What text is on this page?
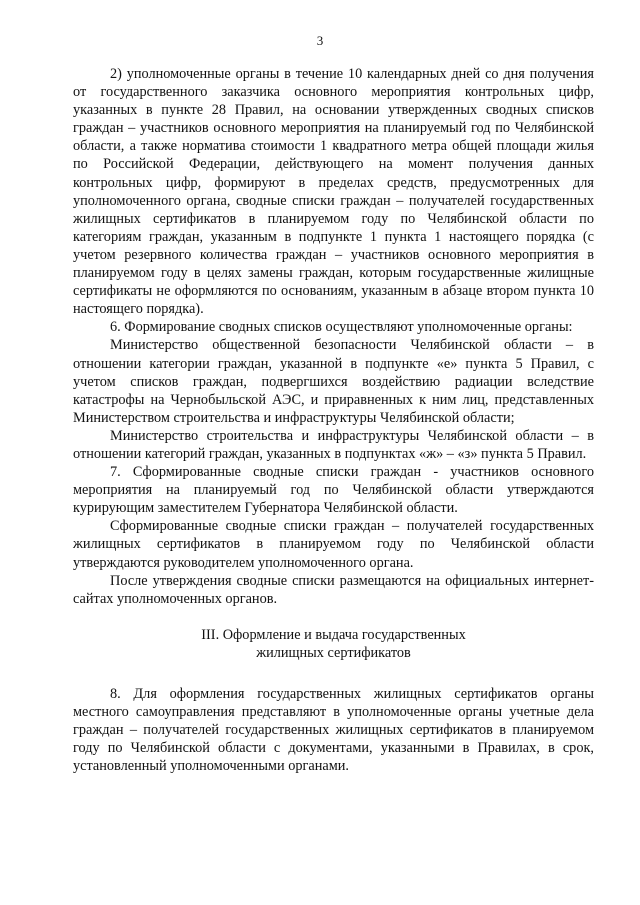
3

2) уполномоченные органы в течение 10 календарных дней со дня получения от государственного заказчика основного мероприятия контрольных цифр, указанных в пункте 28 Правил, на основании утвержденных сводных списков граждан – участников основного мероприятия на планируемый год по Челябинской области, а также норматива стоимости 1 квадратного метра общей площади жилья по Российской Федерации, действующего на момент получения данных контрольных цифр, формируют в пределах средств, предусмотренных для уполномоченного органа, сводные списки граждан – получателей государственных жилищных сертификатов в планируемом году по Челябинской области по категориям граждан, указанным в подпункте 1 пункта 1 настоящего порядка (с учетом резервного количества граждан – участников основного мероприятия в планируемом году в целях замены граждан, которым государственные жилищные сертификаты не оформляются по основаниям, указанным в абзаце втором пункта 10 настоящего порядка).

6. Формирование сводных списков осуществляют уполномоченные органы:

Министерство общественной безопасности Челябинской области – в отношении категории граждан, указанной в подпункте «е» пункта 5 Правил, с учетом списков граждан, подвергшихся воздействию радиации вследствие катастрофы на Чернобыльской АЭС, и приравненных к ним лиц, представленных Министерством строительства и инфраструктуры Челябинской области;

Министерство строительства и инфраструктуры Челябинской области – в отношении категорий граждан, указанных в подпунктах «ж» – «з» пункта 5 Правил.

7. Сформированные сводные списки граждан - участников основного мероприятия на планируемый год по Челябинской области утверждаются курирующим заместителем Губернатора Челябинской области.

Сформированные сводные списки граждан – получателей государственных жилищных сертификатов в планируемом году по Челябинской области утверждаются руководителем уполномоченного органа.

После утверждения сводные списки размещаются на официальных интернет-сайтах уполномоченных органов.

III. Оформление и выдача государственных
жилищных сертификатов

8. Для оформления государственных жилищных сертификатов органы местного самоуправления представляют в уполномоченные органы учетные дела граждан – получателей государственных жилищных сертификатов в планируемом году по Челябинской области с документами, указанными в Правилах, в срок, установленный уполномоченными органами.
